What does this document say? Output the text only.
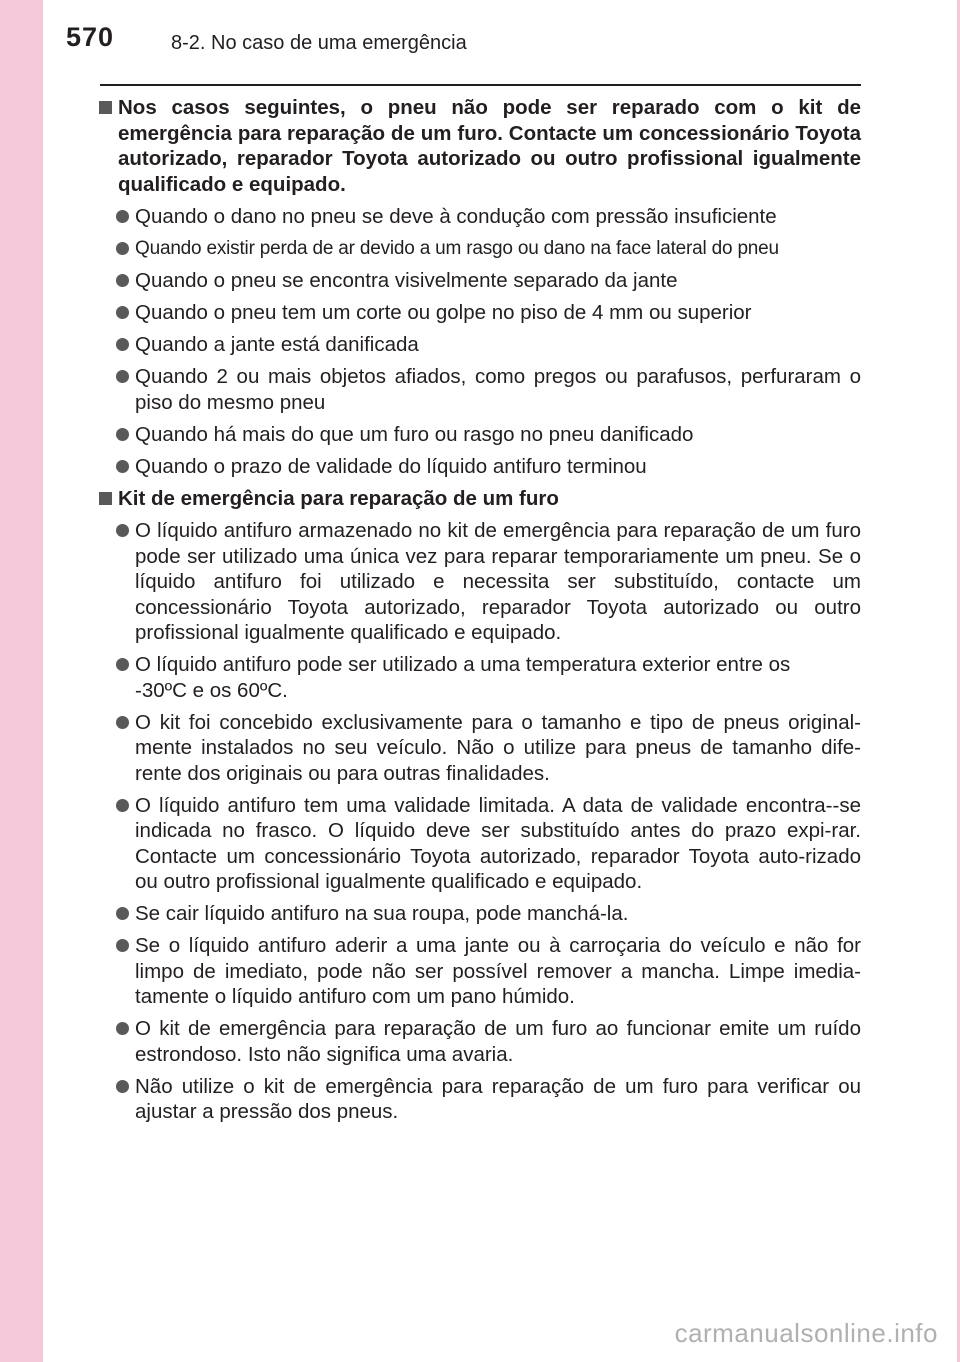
570	8-2. No caso de uma emergência
Nos casos seguintes, o pneu não pode ser reparado com o kit de emergência para reparação de um furo. Contacte um concessionário Toyota autorizado, reparador Toyota autorizado ou outro profissional igualmente qualificado e equipado.
Quando o dano no pneu se deve à condução com pressão insuficiente
Quando existir perda de ar devido a um rasgo ou dano na face lateral do pneu
Quando o pneu se encontra visivelmente separado da jante
Quando o pneu tem um corte ou golpe no piso de 4 mm ou superior
Quando a jante está danificada
Quando 2 ou mais objetos afiados, como pregos ou parafusos, perfuraram o piso do mesmo pneu
Quando há mais do que um furo ou rasgo no pneu danificado
Quando o prazo de validade do líquido antifuro terminou
Kit de emergência para reparação de um furo
O líquido antifuro armazenado no kit de emergência para reparação de um furo pode ser utilizado uma única vez para reparar temporariamente um pneu. Se o líquido antifuro foi utilizado e necessita ser substituído, contacte um concessionário Toyota autorizado, reparador Toyota autorizado ou outro profissional igualmente qualificado e equipado.
O líquido antifuro pode ser utilizado a uma temperatura exterior entre os
-30ºC e os 60ºC.
O kit foi concebido exclusivamente para o tamanho e tipo de pneus original-mente instalados no seu veículo. Não o utilize para pneus de tamanho dife-rente dos originais ou para outras finalidades.
O líquido antifuro tem uma validade limitada. A data de validade encontra--se indicada no frasco. O líquido deve ser substituído antes do prazo expi-rar. Contacte um concessionário Toyota autorizado, reparador Toyota auto-rizado ou outro profissional igualmente qualificado e equipado.
Se cair líquido antifuro na sua roupa, pode manchá-la.
Se o líquido antifuro aderir a uma jante ou à carroçaria do veículo e não for limpo de imediato, pode não ser possível remover a mancha. Limpe imedia-tamente o líquido antifuro com um pano húmido.
O kit de emergência para reparação de um furo ao funcionar emite um ruído estrondoso. Isto não significa uma avaria.
Não utilize o kit de emergência para reparação de um furo para verificar ou ajustar a pressão dos pneus.
carmanualsonline.info
